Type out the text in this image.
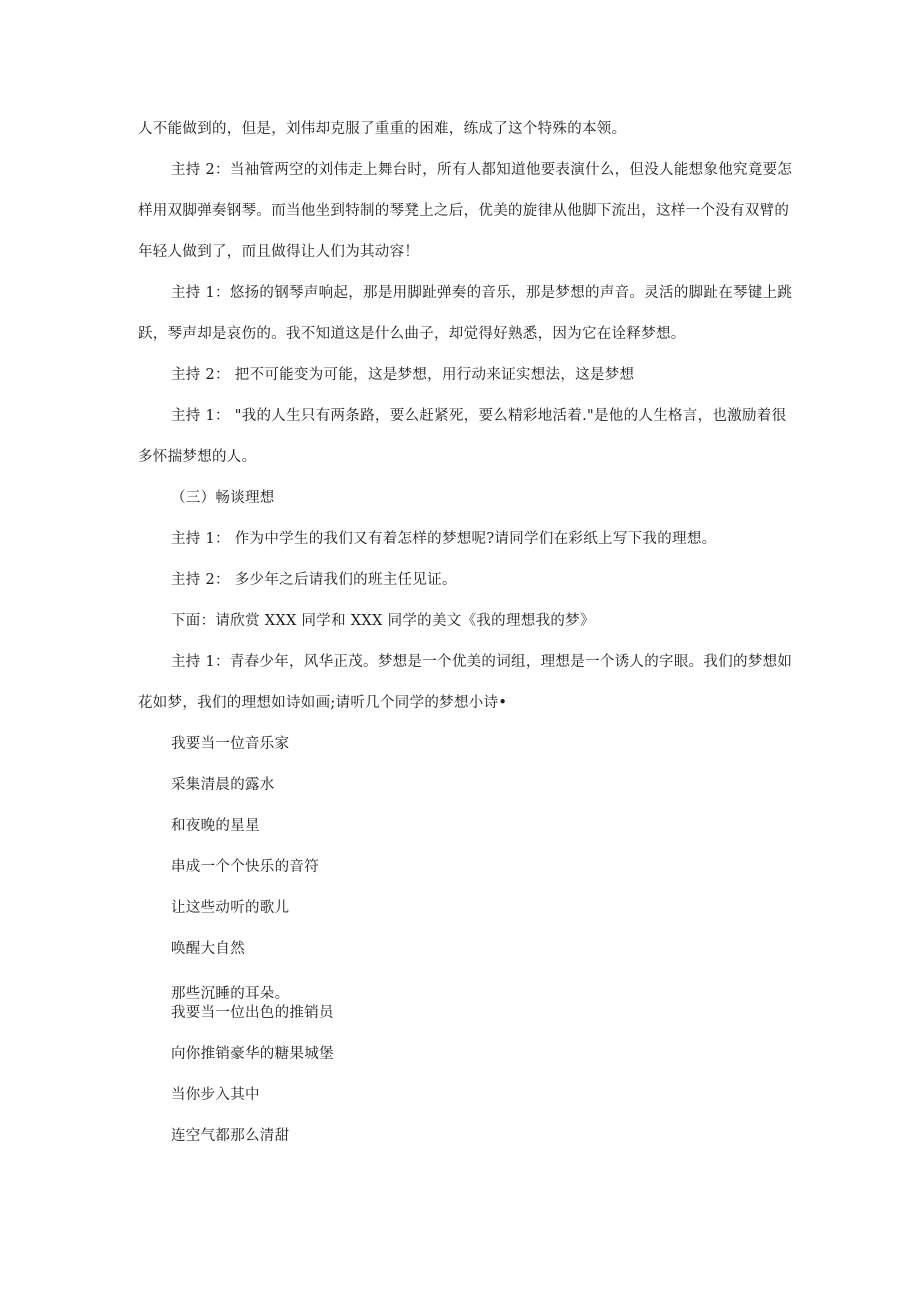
人不能做到的，但是，刘伟却克服了重重的困难，练成了这个特殊的本领。
主持 2：当袖管两空的刘伟走上舞台时，所有人都知道他要表演什么，但没人能想象他究竟要怎
样用双脚弹奏钢琴。而当他坐到特制的琴凳上之后，优美的旋律从他脚下流出，这样一个没有双臂的
年轻人做到了，而且做得让人们为其动容！
主持 1：悠扬的钢琴声响起，那是用脚趾弹奏的音乐，那是梦想的声音。灵活的脚趾在琴键上跳
跃，琴声却是哀伤的。我不知道这是什么曲子，却觉得好熟悉，因为它在诠释梦想。
主持 2： 把不可能变为可能，这是梦想，用行动来证实想法，这是梦想
主持 1： "我的人生只有两条路，要么赶紧死，要么精彩地活着."是他的人生格言，也激励着很
多怀揣梦想的人。
（三）畅谈理想
主持 1： 作为中学生的我们又有着怎样的梦想呢?请同学们在彩纸上写下我的理想。
主持 2： 多少年之后请我们的班主任见证。
下面：请欣赏 XXX 同学和 XXX 同学的美文《我的理想我的梦》
主持 1：青春少年，风华正茂。梦想是一个优美的词组，理想是一个诱人的字眼。我们的梦想如
花如梦，我们的理想如诗如画;请听几个同学的梦想小诗•
我要当一位音乐家
采集清晨的露水
和夜晚的星星
串成一个个快乐的音符
让这些动听的歌儿
唤醒大自然
那些沉睡的耳朵。
我要当一位出色的推销员
向你推销豪华的糖果城堡
当你步入其中
连空气都那么清甜
